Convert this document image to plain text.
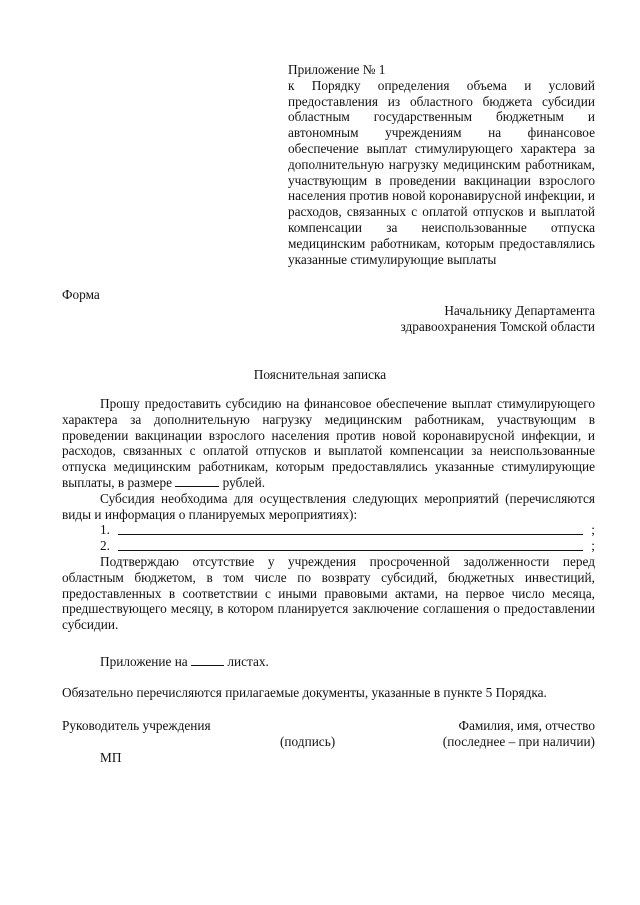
Приложение № 1
к Порядку определения объема и условий предоставления из областного бюджета субсидии областным государственным бюджетным и автономным учреждениям на финансовое обеспечение выплат стимулирующего характера за дополнительную нагрузку медицинским работникам, участвующим в проведении вакцинации взрослого населения против новой коронавирусной инфекции, и расходов, связанных с оплатой отпусков и выплатой компенсации за неиспользованные отпуска медицинским работникам, которым предоставлялись указанные стимулирующие выплаты
Форма
Начальнику Департамента
здравоохранения Томской области
Пояснительная записка

Прошу предоставить субсидию на финансовое обеспечение выплат стимулирующего характера за дополнительную нагрузку медицинским работникам, участвующим в проведении вакцинации взрослого населения против новой коронавирусной инфекции, и расходов, связанных с оплатой отпусков и выплатой компенсации за неиспользованные отпуска медицинским работникам, которым предоставлялись указанные стимулирующие выплаты, в размере	рублей.

Субсидия необходима для осуществления следующих мероприятий (перечисляются виды и информация о планируемых мероприятиях):

1.	;
2.	;

Подтверждаю отсутствие у учреждения просроченной задолженности перед областным бюджетом, в том числе по возврату субсидий, бюджетных инвестиций, предоставленных в соответствии с иными правовыми актами, на первое число месяца, предшествующего месяцу, в котором планируется заключение соглашения о предоставлении субсидии.

Приложение на	листах.
Обязательно перечисляются прилагаемые документы, указанные в пункте 5 Порядка.
Руководитель учреждения	Фамилия, имя, отчество
(подпись)	(последнее – при наличии)
МП
